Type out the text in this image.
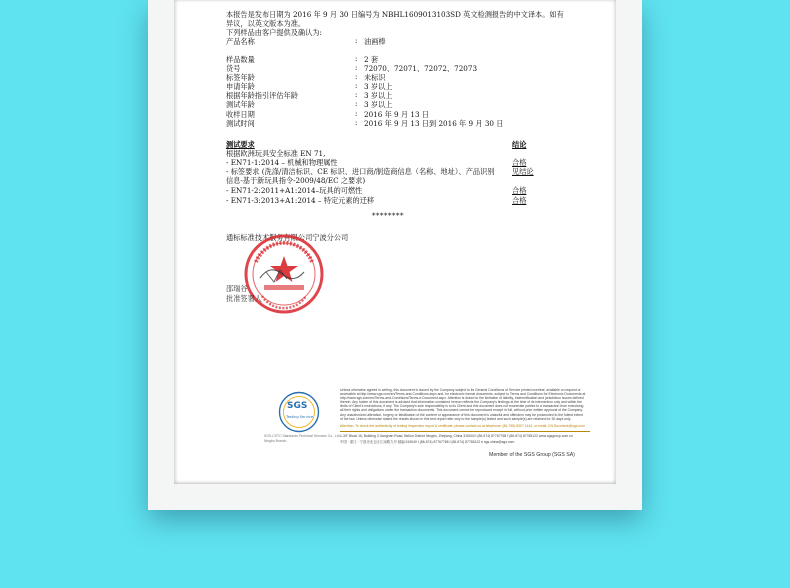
本报告是发布日期为 2016 年 9 月 30 日编号为 NBHL1609013103SD 英文检测报告的中文译本。如有
异议，以英文版本为准。
下列样品由客户提供及确认为:
产品名称	: 油画棒
样品数量	: 2 套
货号	: 72070、72071、72072、72073
标签年龄	: 未标识
申请年龄	: 3 岁以上
根据年龄指引评估年龄	: 3 岁以上
测试年龄	: 3 岁以上
收样日期	: 2016 年 9 月 13 日
测试时间	: 2016 年 9 月 13 日到 2016 年 9 月 30 日
测试要求	结论
根据欧洲玩具安全标准 EN 71,
- EN71-1:2014 – 机械和物理属性	合格
- 标签要求 (洗涤/清洁标识、CE 标识、进口商/制造商信息（名称、地址）、产品识别 见结论
信息-基于新玩具指令-2009/48/EC 之要求)
- EN71-2:2011+A1:2014–玩具的可燃性	合格
- EN71-3:2013+A1:2014 – 特定元素的迁移	合格
********
通标标准技术服务有限公司宁波分公司
邵瑞谷
批准签署人
SGS
Testing Service
SGS-CSTC Standards Technical Services Co., Ltd.
Ningbo Branch
Unless otherwise agreed in writing, this document is issued by the Company subject to its General Conditions of Service printed overleaf, available on request or accessible at http://www.sgs.com/en/Terms-and-Conditions.aspx and, for electronic format documents, subject to Terms and Conditions for Electronic Documents at http://www.sgs.com/en/Terms-and-Conditions/Terms-e-Document.aspx. Attention is drawn to the limitation of liability, indemnification and jurisdiction issues defined therein. Any holder of this document is advised that information contained hereon reflects the Company's findings at the time of its intervention only and within the limits of Client's instructions, if any. The Company's sole responsibility is to its Client and this document does not exonerate parties to a transaction from exercising all their rights and obligations under the transaction documents. This document cannot be reproduced except in full, without prior written approval of the Company. Any unauthorized alteration, forgery or falsification of the content or appearance of this document is unlawful and offenders may be prosecuted to the fullest extent of the law. Unless otherwise stated the results shown in this test report refer only to the sample(s) tested and such sample(s) are retained for 30 days only.
Attention: To check the authenticity of testing /inspection report & certificate, please contact us at telephone: (86-755) 8307 1443, or email: CN.Doccheck@sgs.com
1-3/F Block 16, Building 3 Jiangnan Road, Beilun District Ningbo, Zhejiang, China 315040 t (86-574) 87767768 f (86-574) 87765122 www.sgsgroup.com.cn
中国 · 浙江 · 宁波市北仑区江南路九号 邮编:315040 t (86-574) 87767768 f (86-574) 87765122 e sgs.china@sgs.com
Member of the SGS Group (SGS SA)
